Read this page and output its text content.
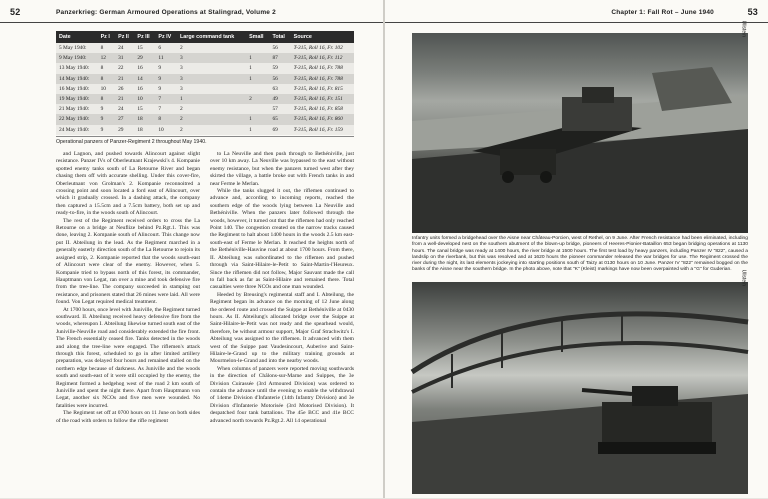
52	Panzerkrieg: German Armoured Operations at Stalingrad, Volume 2
Date	Pz I	Pz II	Pz III	Pz IV	Large command tank	Small	Total	Source
5 May 1940:	8	24	15	6	2		56	T-315, Roll 16, Fr. 102
9 May 1940:	12	31	29	11	3	1	87	T-315, Roll 16, Fr. 112
13 May 1940:	8	22	16	9	3	1	59	T-315, Roll 16, Fr. 788
14 May 1940:	8	21	14	9	3	1	56	T-315, Roll 16, Fr. 788
16 May 1940:	10	26	16	9	3		63	T-315, Roll 16, Fr. 815
19 May 1940:	8	21	10	7	1	2	49	T-315, Roll 16, Fr. 151
21 May 1940:	9	24	15	7	2		57	T-315, Roll 16, Fr. 858
22 May 1940:	9	27	18	8	2	1	65	T-315, Roll 16, Fr. 860
24 May 1940:	9	29	18	10	2	1	69	T-315, Roll 16, Fr. 159
Operational panzers of Panzer-Regiment 2 throughout May 1940.

and Lagnon, and pushed towards Alincourt against slight resistance. Panzer IVs of Oberleutnant Krajewski's 4. Kompanie spotted enemy tanks south of La Retourne River and began chasing them off with accurate shelling. Under this cover-fire, Oberleutnant von Grolman's 2. Kompanie reconnoitred a crossing point and soon located a ford east of Alincourt, over which it gradually crossed. In a dashing attack, the company then captured a 15.5cm and a 7.5cm battery, both set up and ready-to-fire, in the woods south of Alincourt.

The rest of the Regiment received orders to cross the La Retourne on a bridge at Neuflize behind Pz.Rgt.1. This was done, leaving 2. Kompanie south of Alincourt. This change now put II. Abteilung in the lead. As the Regiment marched in a generally easterly direction south of the La Retourne to rejoin its assigned strip, 2. Kompanie reported that the woods south-east of Alincourt were clear of the enemy. However, when 5. Kompanie tried to bypass north of this forest, its commander, Hauptmann von Legat, ran over a mine and took defensive fire from the tree-line. The company succeeded in stamping out resistance, and prisoners stated that 26 mines were laid. All were found. Von Legat required medical treatment.

At 1700 hours, once level with Juniville, the Regiment turned southward. II. Abteilung received heavy defensive fire from the woods, whereupon I. Abteilung likewise turned south east of the Juniville-Neuville road and considerably extended the fire front. The French essentially ceased fire. Tanks detected in the woods and along the tree-line were engaged. The riflemen's attack through this forest, scheduled to go in after limited artillery preparation, was delayed four hours and remained stalled on the northern edge because of darkness. As Juniville and the woods south and south-east of it were still occupied by the enemy, the Regiment formed a hedgehog west of the road 2 km south of Juniville and spent the night there. Apart from Hauptmann von Legat, another six NCOs and five men were wounded. No fatalities were incurred.

The Regiment set off at 0700 hours on 11 June on both sides of the road with orders to follow the rifle regiment

to La Neuville and then push through to Bethéniville, just over 10 km away. La Neuville was bypassed to the east without enemy resistance, but when the panzers turned west after they skirted the village, a battle broke out with French tanks in and near Ferme le Merlan.

While the tanks slugged it out, the riflemen continued to advance and, according to incoming reports, reached the southern edge of the woods lying between La Neuville and Bethéniville. When the panzers later followed through the woods, however, it turned out that the riflemen had only reached Point 140. The congestion created on the narrow tracks caused the Regiment to halt about 1400 hours in the woods 2.5 km east-south-east of Ferme le Merlan. It reached the heights north of the Bethéniville-Hauvine road at about 1700 hours. From there, II. Abteilung was subordinated to the riflemen and pushed through via Saint-Hilaire-le-Petit to Saint-Martin-l'Heureux. Since the riflemen did not follow, Major Sauvant made the call to fall back as far as Saint-Hilaire and remained there. Total casualties were three NCOs and one man wounded.

Heeded by Breusing's regimental staff and I. Abteilung, the Regiment began its advance on the morning of 12 June along the ordered route and crossed the Suippe at Bethéniville at 0430 hours. As II. Abteilung's allocated bridge over the Suippe at Saint-Hilaire-le-Petit was not ready and the spearhead would, therefore, be without armour support, Major Graf Strachwitz's I. Abteilung was assigned to the riflemen. It advanced with them west of the Suippe past Vaudesincourt, Auberive and Saint-Hilaire-le-Grand up to the military training grounds at Mourmelon-le-Grand and into the nearby woods.

When columns of panzers were reported moving southwards in the direction of Châlons-sur-Marne and Suippes, the 3e Division Cuirassée (3rd Armoured Division) was ordered to contain the advance until the evening to enable the withdrawal of 14eme Division d'Infanterie (14th Infantry Division) and 3e Division d'Infanterie Motorisée (3rd Motorised Division). It despatched four tank battalions. The 45e BCC and 41e BCC advanced north towards Pz.Rgt.2. All 14 operational

Chapter 1: Fall Rot – June 1940	53
Ullstein
Infantry units formed a bridgehead over the Aisne near Château-Porcien, west of Rethel, on 9 June. After French resistance had been eliminated, including from a well-developed nest on the southern abutment of the blown-up bridge, pioneers of Heeres-Pionier-Bataillon 653 began bridging operations at 1130 hours. The canal bridge was ready at 1400 hours, the river bridge at 1500 hours. The first test load by heavy panzers, including Panzer IV "822", caused a landslip on the riverbank, but this was resolved and at 1620 hours the pioneer commander released the war bridges for use. The Regiment crossed the river during the night, its last elements jockeying into starting positions south of Taizy at 0130 hours on 10 June. Panzer IV "822" remained bogged on the banks of the Aisne near the southern bridge. In the photo above, note that "K" (Kleist) markings have now been overpainted with a "G" for Guderian.	Ullstein
